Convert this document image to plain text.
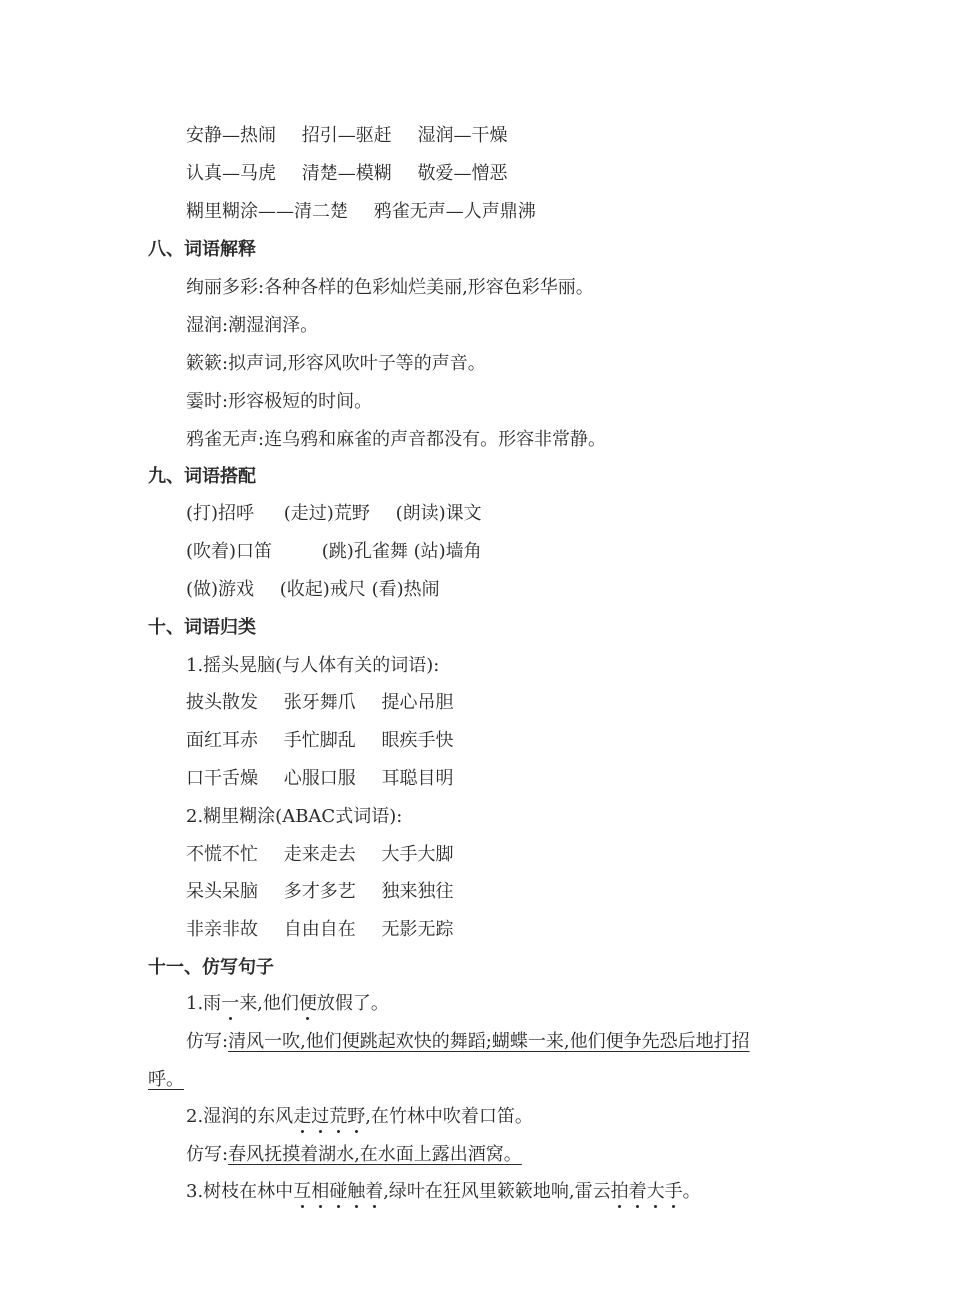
安静—热闹 招引—驱赶 湿润—干燥
认真—马虎 清楚—模糊 敬爱—憎恶
糊里糊涂——清二楚 鸦雀无声—人声鼎沸
八、词语解释
绚丽多彩:各种各样的色彩灿烂美丽,形容色彩华丽。
湿润:潮湿润泽。
簌簌:拟声词,形容风吹叶子等的声音。
霎时:形容极短的时间。
鸦雀无声:连乌鸦和麻雀的声音都没有。形容非常静。
九、词语搭配
(打)招呼 (走过)荒野 (朗读)课文
(吹着)口笛	(跳)孔雀舞 (站)墙角
(做)游戏 (收起)戒尺 (看)热闹
十、词语归类
1.摇头晃脑(与人体有关的词语):
披头散发 张牙舞爪 提心吊胆
面红耳赤 手忙脚乱 眼疾手快
口干舌燥 心服口服 耳聪目明
2.糊里糊涂(ABAC式词语):
不慌不忙 走来走去 大手大脚
呆头呆脑 多才多艺 独来独往
非亲非故 自由自在 无影无踪
十一、仿写句子
1.雨一来,他们便放假了。
仿写:清风一吹,他们便跳起欢快的舞蹈;蝴蝶一来,他们便争先恐后地打招
呼。
2.湿润的东风走过荒野,在竹林中吹着口笛。
仿写:春风抚摸着湖水,在水面上露出酒窝。
3.树枝在林中互相碰触着,绿叶在狂风里簌簌地响,雷云拍着大手。
